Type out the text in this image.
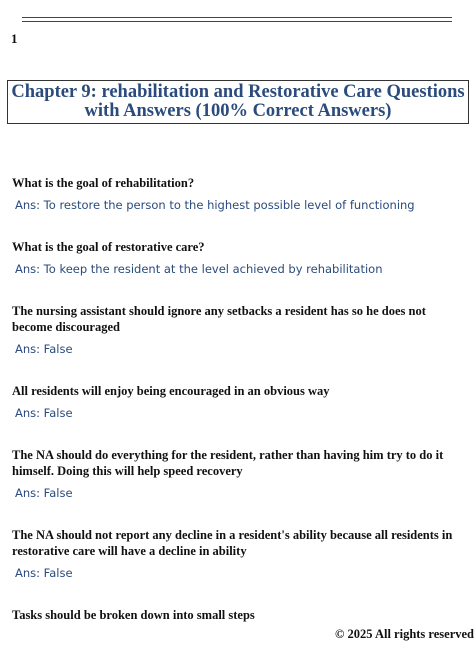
1

Chapter 9: rehabilitation and Restorative Care Questions

with Answers (100% Correct Answers)

What is the goal of rehabilitation?

Ans: To restore the person to the highest possible level of functioning

What is the goal of restorative care?

Ans: To keep the resident at the level achieved by rehabilitation

The nursing assistant should ignore any setbacks a resident has so he does not

become discouraged

Ans: False

All residents will enjoy being encouraged in an obvious way

Ans: False

The NA should do everything for the resident, rather than having him try to do it

himself. Doing this will help speed recovery

Ans: False

The NA should not report any decline in a resident's ability because all residents in

restorative care will have a decline in ability

Ans: False

Tasks should be broken down into small steps

© 2025 All rights reserved
